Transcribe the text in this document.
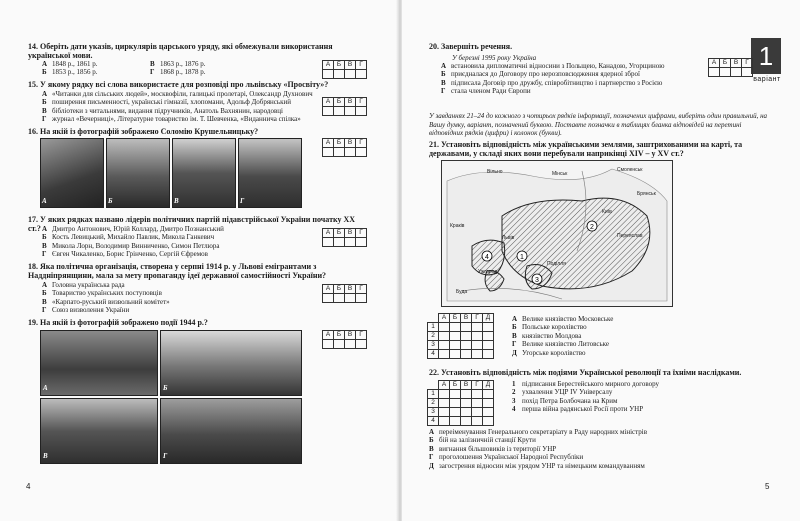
14. Оберіть дати указів, циркулярів царського уряду, які обмежували використання української мови.
А 1848 р., 1861 р.
Б 1853 р., 1856 р.
В 1863 р., 1876 р.
Г 1868 р., 1878 р.
А	Б	В	Г

15. У якому рядку всі слова використаєте для розповіді про львівську «Просвіту»?
А «Читанки для сільських людей», москвофіли, галицькі пролетарі, Олександр Духнович
Б поширення письменності, українські гімназії, хлопомани, Адольф Добрянський
В бібліотеки з читальнями, видання підручників, Анатоль Вахнянин, народовці
Г журнал «Вечерниці», Літературне товариство ім. Т. Шевченка, «Виданнича спілка»
А	Б	В	Г

16. На якій із фотографій зображено Соломію Крушельницьку?
А	Б	В	Г
А	Б	В	Г

17. У яких рядках названо лідерів політичних партій підавстрійської України початку XX ст.? А Дмитро Антонович, Юрій Коллард, Дмитро Познанський
Б Кость Левицький, Михайло Павлик, Микола Ганкевич
В Микола Лорн, Володимир Винниченко, Симон Петлюра
Г Євген Чикаленко, Борис Грінченко, Сергій Єфремов
А	Б	В	Г

18. Яка політична організація, створена у серпні 1914 р. у Львові емігрантами з Наддніпрянщини, мала за мету пропаганду ідеї державної самостійності України?
А Головна українська рада
Б Товариство українських поступовців
В «Карпато-руський визвольний комітет»
Г Союз визволення України
А	Б	В	Г

19. На якій із фотографій зображено події 1944 р.?
А	Б
В	Г
А	Б	В	Г

4
1
варіант
20. Завершіть речення.
У березні 1995 року Україна
А встановила дипломатичні відносини з Польщею, Канадою, Угорщиною
Б приєдналася до Договору про нерозповсюдження ядерної зброї
В підписала Договір про дружбу, співробітництво і партнерство з Росією
Г стала членом Ради Європи
А	Б	В	Г

У завданнях 21–24 до кожного з чотирьох рядків інформації, позначених цифрами, виберіть один правильний, на Вашу думку, варіант, позначений буквою. Поставте позначки в таблицях бланка відповідей на перетині відповідних рядків (цифри) і колонок (букви).
21. Установіть відповідність між українськими землями, заштрихованими на карті, та державами, у складі яких вони перебували наприкінці XIV – у XV ст.?
2
4
3
1
Вільно	Мінськ
Смоленськ
Брянськ
Київ
Краків
Львів	Переяслав
Ужгород
Поділля
Буда
	А	Б	В	Г	Д
1					
2					
3					
4					
А Велике князівство Московське
Б Польське королівство
В князівство Молдова
Г Велике князівство Литовське
Д Угорське королівство
22. Установіть відповідність між подіями Української революції та їхніми наслідками.
	А	Б	В	Г	Д
1					
2					
3					
4					
1 підписання Берестейського мирного договору
2 ухвалення УЦР IV Універсалу
3 похід Петра Болбочана на Крим
4 перша війна радянської Росії проти УНР
А переіменування Генерального секретаріату в Раду народних міністрів
Б бій на залізничній станції Крути
В вигнання більшовиків із території УНР
Г проголошення Української Народної Республіки
Д загострення відносин між урядом УНР та німецьким командуванням
5
